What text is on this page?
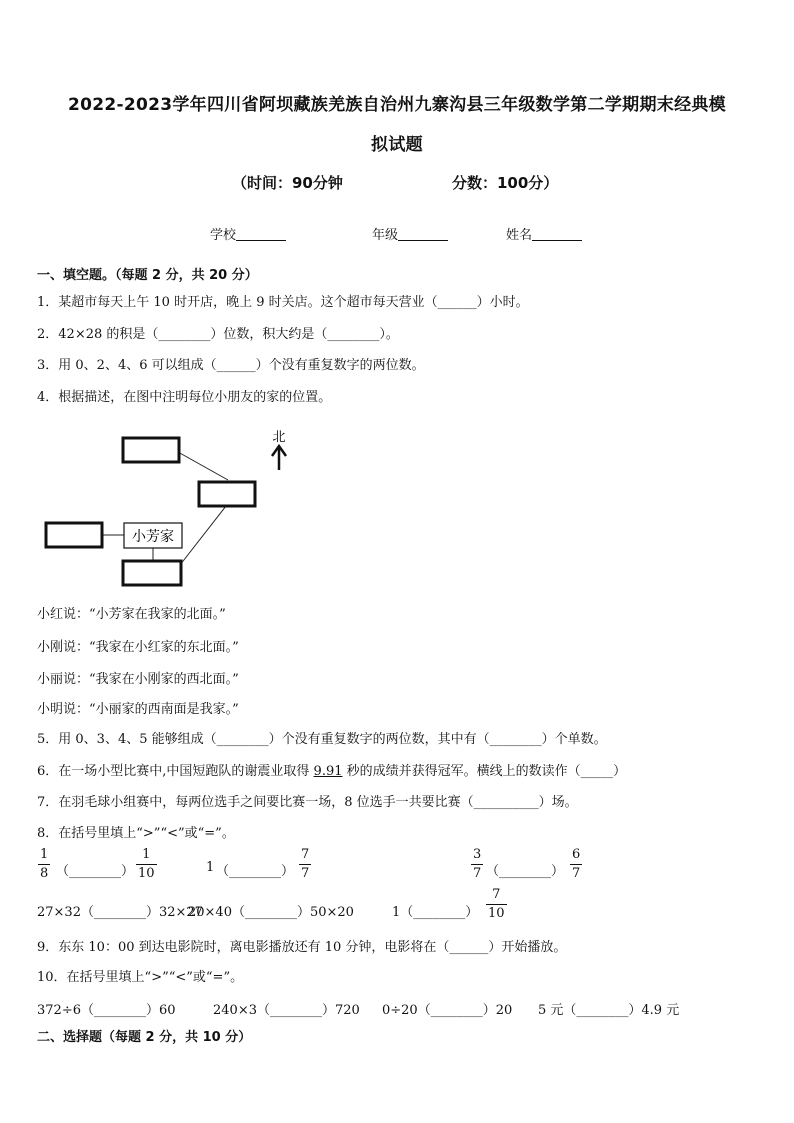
2022-2023学年四川省阿坝藏族羌族自治州九寨沟县三年级数学第二学期期末经典模
拟试题
（时间：90分钟	分数：100分）
学校	年级	姓名
一、填空题。（每题 2 分，共 20 分）
1．某超市每天上午 10 时开店，晚上 9 时关店。这个超市每天营业（______）小时。
2．42×28 的积是（________）位数，积大约是（________）。
3．用 0、2、4、6 可以组成（______）个没有重复数字的两位数。
4．根据描述，在图中注明每位小朋友的家的位置。
小芳家
北
小红说：“小芳家在我家的北面。”
小刚说：“我家在小红家的东北面。”
小丽说：“我家在小刚家的西北面。”
小明说：“小丽家的西南面是我家。”
5．用 0、3、4、5 能够组成（________）个没有重复数字的两位数，其中有（________）个单数。
6．在一场小型比赛中,中国短跑队的谢震业取得 9.91 秒的成绩并获得冠军。横线上的数读作（_____）
7．在羽毛球小组赛中，每两位选手之间要比赛一场，8 位选手一共要比赛（__________）场。
8．在括号里填上“>”“<”或“=”。
1
8 （________）
1
10	1 （________）
7
7
3
7 （________）
6
7
27×32（________）32×27
20×40（________）50×20	1（________）
7
10
9．东东 10：00 到达电影院时，离电影播放还有 10 分钟，电影将在（______）开始播放。
10．在括号里填上“>”“<”或“=”。
372÷6（________）60	240×3（________）720 0÷20（________）20 5 元（________）4.9 元
二、选择题（每题 2 分，共 10 分）
